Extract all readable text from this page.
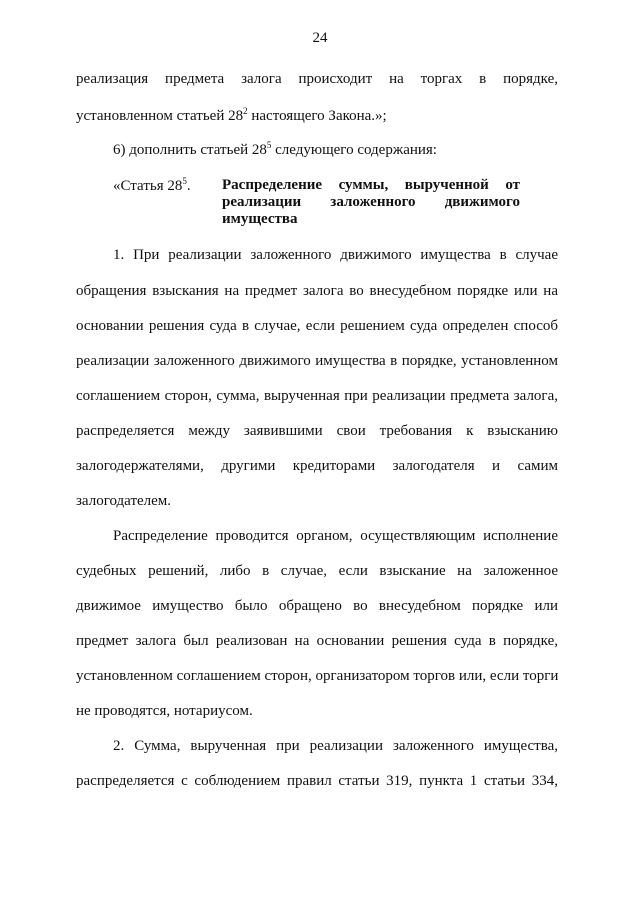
24
реализация предмета залога происходит на торгах в порядке,
установленном статьей $28^2$ настоящего Закона.»;
6) дополнить статьей $28^5$ следующего содержания:
«Статья $28^5$. Распределение суммы, вырученной от
реализации заложенного движимого
имущества
1. При реализации заложенного движимого имущества в случае
обращения взыскания на предмет залога во внесудебном порядке или на
основании решения суда в случае, если решением суда определен способ
реализации заложенного движимого имущества в порядке, установленном
соглашением сторон, сумма, вырученная при реализации предмета залога,
распределяется между заявившими свои требования к взысканию
залогодержателями, другими кредиторами залогодателя и самим
залогодателем.
Распределение проводится органом, осуществляющим исполнение
судебных решений, либо в случае, если взыскание на заложенное
движимое имущество было обращено во внесудебном порядке или
предмет залога был реализован на основании решения суда в порядке,
установленном соглашением сторон, организатором торгов или, если торги
не проводятся, нотариусом.
2. Сумма, вырученная при реализации заложенного имущества,
распределяется с соблюдением правил статьи 319, пункта 1 статьи 334,
